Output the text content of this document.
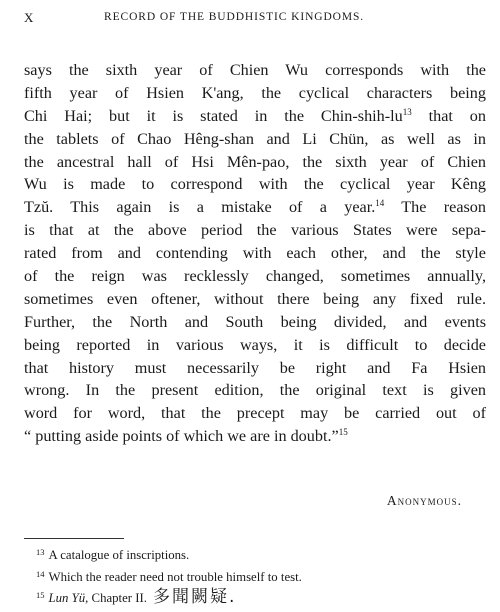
X	RECORD OF THE BUDDHISTIC KINGDOMS.
says the sixth year of Chien Wu corresponds with the
fifth year of Hsien K'ang, the cyclical characters being
Chi Hai; but it is stated in the Chin-$shih-lu^{13}$ that on
the tablets of Chao Hêng-shan and Li Chün, as well as in
the ancestral hall of Hsi Mên-pao, the sixth year of Chien
Wu is made to correspond with the cyclical year Kêng
Tzŭ. This again is a mistake of a year.$^{14}$ The reason
is that at the above period the various States were sepa-
rated from and contending with each other, and the style
of the reign was recklessly changed, sometimes annually,
sometimes even oftener, without there being any fixed rule.
Further, the North and South being divided, and events
being reported in various ways, it is difficult to decide
that history must necessarily be right and Fa Hsien
wrong. In the present edition, the original text is given
word for word, that the precept may be carried out of
“ putting aside points of which we are in doubt.”$^{15}$
Anonymous.
$^{13}$ A catalogue of inscriptions.
$^{14}$ Which the reader need not trouble himself to test.
$^{15}$ Lun Yü, Chapter II. 多聞闕疑.
